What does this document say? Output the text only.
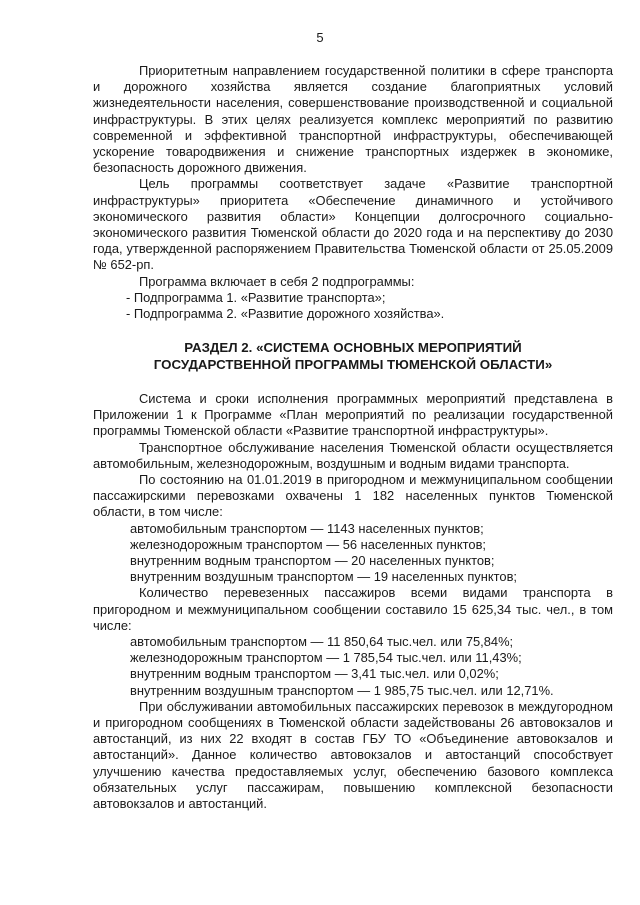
5

Приоритетным направлением государственной политики в сфере транспорта и дорожного хозяйства является создание благоприятных условий жизнедеятельности населения, совершенствование производственной и социальной инфраструктуры. В этих целях реализуется комплекс мероприятий по развитию современной и эффективной транспортной инфраструктуры, обеспечивающей ускорение товародвижения и снижение транспортных издержек в экономике, безопасность дорожного движения.

Цель программы соответствует задаче «Развитие транспортной инфраструктуры» приоритета «Обеспечение динамичного и устойчивого экономического развития области» Концепции долгосрочного социально-экономического развития Тюменской области до 2020 года и на перспективу до 2030 года, утвержденной распоряжением Правительства Тюменской области от 25.05.2009 № 652-рп.

Программа включает в себя 2 подпрограммы:

- Подпрограмма 1. «Развитие транспорта»;

- Подпрограмма 2. «Развитие дорожного хозяйства».

РАЗДЕЛ 2. «СИСТЕМА ОСНОВНЫХ МЕРОПРИЯТИЙ

ГОСУДАРСТВЕННОЙ ПРОГРАММЫ ТЮМЕНСКОЙ ОБЛАСТИ»

Система и сроки исполнения программных мероприятий представлена в Приложении 1 к Программе «План мероприятий по реализации государственной программы Тюменской области «Развитие транспортной инфраструктуры».

Транспортное обслуживание населения Тюменской области осуществляется автомобильным, железнодорожным, воздушным и водным видами транспорта.

По состоянию на 01.01.2019 в пригородном и межмуниципальном сообщении пассажирскими перевозками охвачены 1 182 населенных пунктов Тюменской области, в том числе:

автомобильным транспортом — 1143 населенных пунктов;
железнодорожным транспортом — 56 населенных пунктов;
внутренним водным транспортом — 20 населенных пунктов;
внутренним воздушным транспортом — 19 населенных пунктов;

Количество перевезенных пассажиров всеми видами транспорта в пригородном и межмуниципальном сообщении составило 15 625,34 тыс. чел., в том числе:

автомобильным транспортом — 11 850,64 тыс.чел. или 75,84%;
железнодорожным транспортом — 1 785,54 тыс.чел. или 11,43%;
внутренним водным транспортом — 3,41 тыс.чел. или 0,02%;
внутренним воздушным транспортом — 1 985,75 тыс.чел. или 12,71%.

При обслуживании автомобильных пассажирских перевозок в междугородном и пригородном сообщениях в Тюменской области задействованы 26 автовокзалов и автостанций, из них 22 входят в состав ГБУ ТО «Объединение автовокзалов и автостанций». Данное количество автовокзалов и автостанций способствует улучшению качества предоставляемых услуг, обеспечению базового комплекса обязательных услуг пассажирам, повышению комплексной безопасности автовокзалов и автостанций.
